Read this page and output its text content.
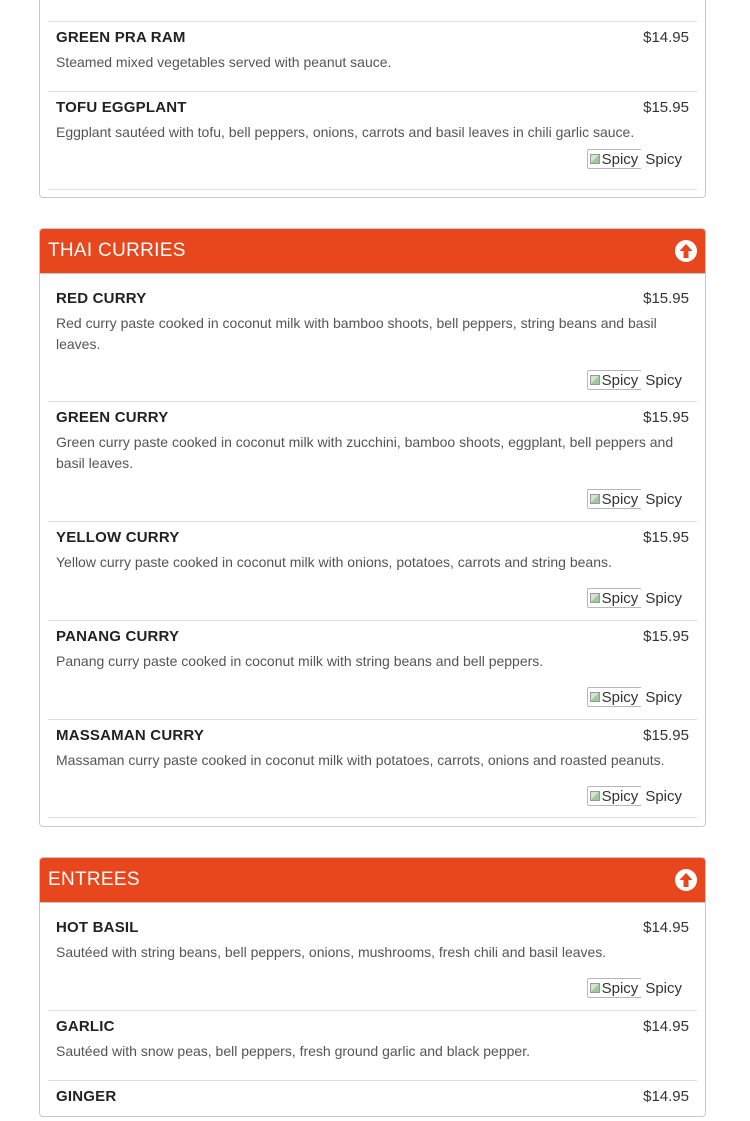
GREEN PRA RAM	$14.95
Steamed mixed vegetables served with peanut sauce.
TOFU EGGPLANT	$15.95
Eggplant sautéed with tofu, bell peppers, onions, carrots and basil leaves in chili garlic sauce.
Spicy Spicy
THAI CURRIES
RED CURRY	$15.95
Red curry paste cooked in coconut milk with bamboo shoots, bell peppers, string beans and basil leaves.
Spicy Spicy
GREEN CURRY	$15.95
Green curry paste cooked in coconut milk with zucchini, bamboo shoots, eggplant, bell peppers and basil leaves.
Spicy Spicy
YELLOW CURRY	$15.95
Yellow curry paste cooked in coconut milk with onions, potatoes, carrots and string beans.
Spicy Spicy
PANANG CURRY	$15.95
Panang curry paste cooked in coconut milk with string beans and bell peppers.
Spicy Spicy
MASSAMAN CURRY	$15.95
Massaman curry paste cooked in coconut milk with potatoes, carrots, onions and roasted peanuts.
Spicy Spicy
ENTREES
HOT BASIL	$14.95
Sautéed with string beans, bell peppers, onions, mushrooms, fresh chili and basil leaves.
Spicy Spicy
GARLIC	$14.95
Sautéed with snow peas, bell peppers, fresh ground garlic and black pepper.
GINGER	$14.95
